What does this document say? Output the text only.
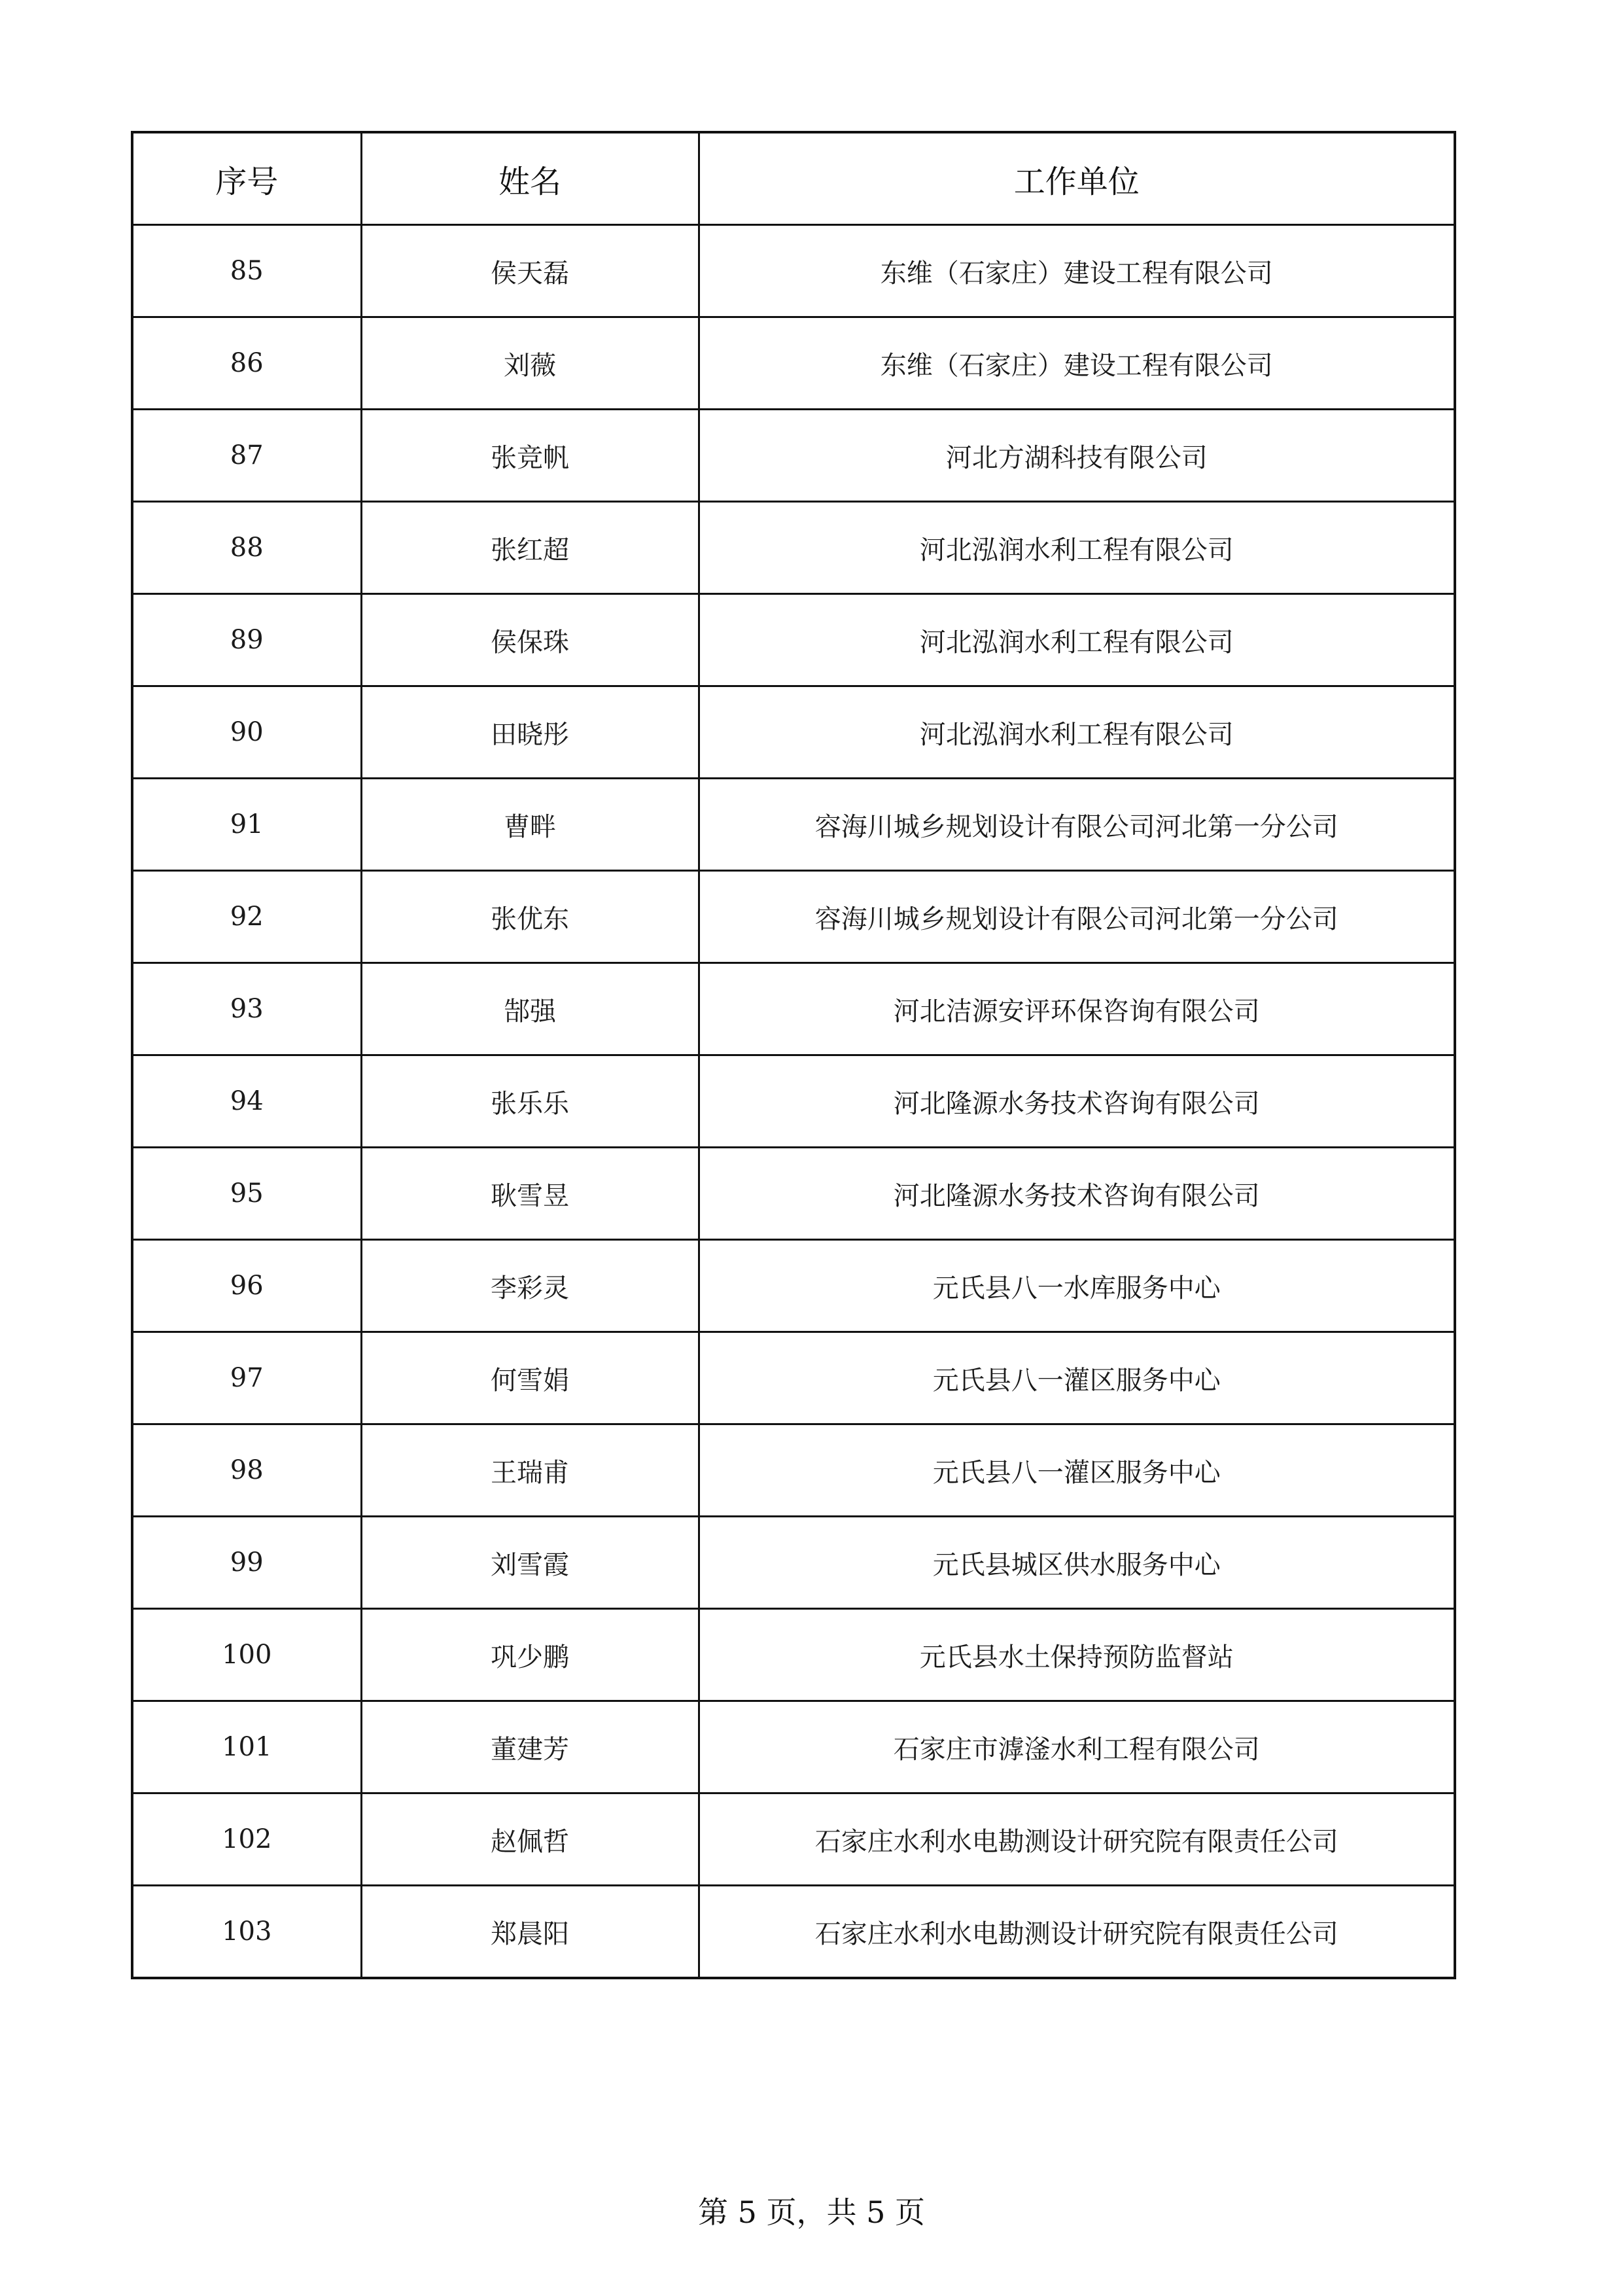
序号	姓名	工作单位
85	侯天磊	东维（石家庄）建设工程有限公司
86	刘薇	东维（石家庄）建设工程有限公司
87	张竞帆	河北方湖科技有限公司
88	张红超	河北泓润水利工程有限公司
89	侯保珠	河北泓润水利工程有限公司
90	田晓彤	河北泓润水利工程有限公司
91	曹畔	容海川城乡规划设计有限公司河北第一分公司
92	张优东	容海川城乡规划设计有限公司河北第一分公司
93	郜强	河北洁源安评环保咨询有限公司
94	张乐乐	河北隆源水务技术咨询有限公司
95	耿雪昱	河北隆源水务技术咨询有限公司
96	李彩灵	元氏县八一水库服务中心
97	何雪娟	元氏县八一灌区服务中心
98	王瑞甫	元氏县八一灌区服务中心
99	刘雪霞	元氏县城区供水服务中心
100	巩少鹏	元氏县水土保持预防监督站
101	董建芳	石家庄市滹滏水利工程有限公司
102	赵佩哲	石家庄水利水电勘测设计研究院有限责任公司
103	郑晨阳	石家庄水利水电勘测设计研究院有限责任公司
第 5 页，共 5 页
